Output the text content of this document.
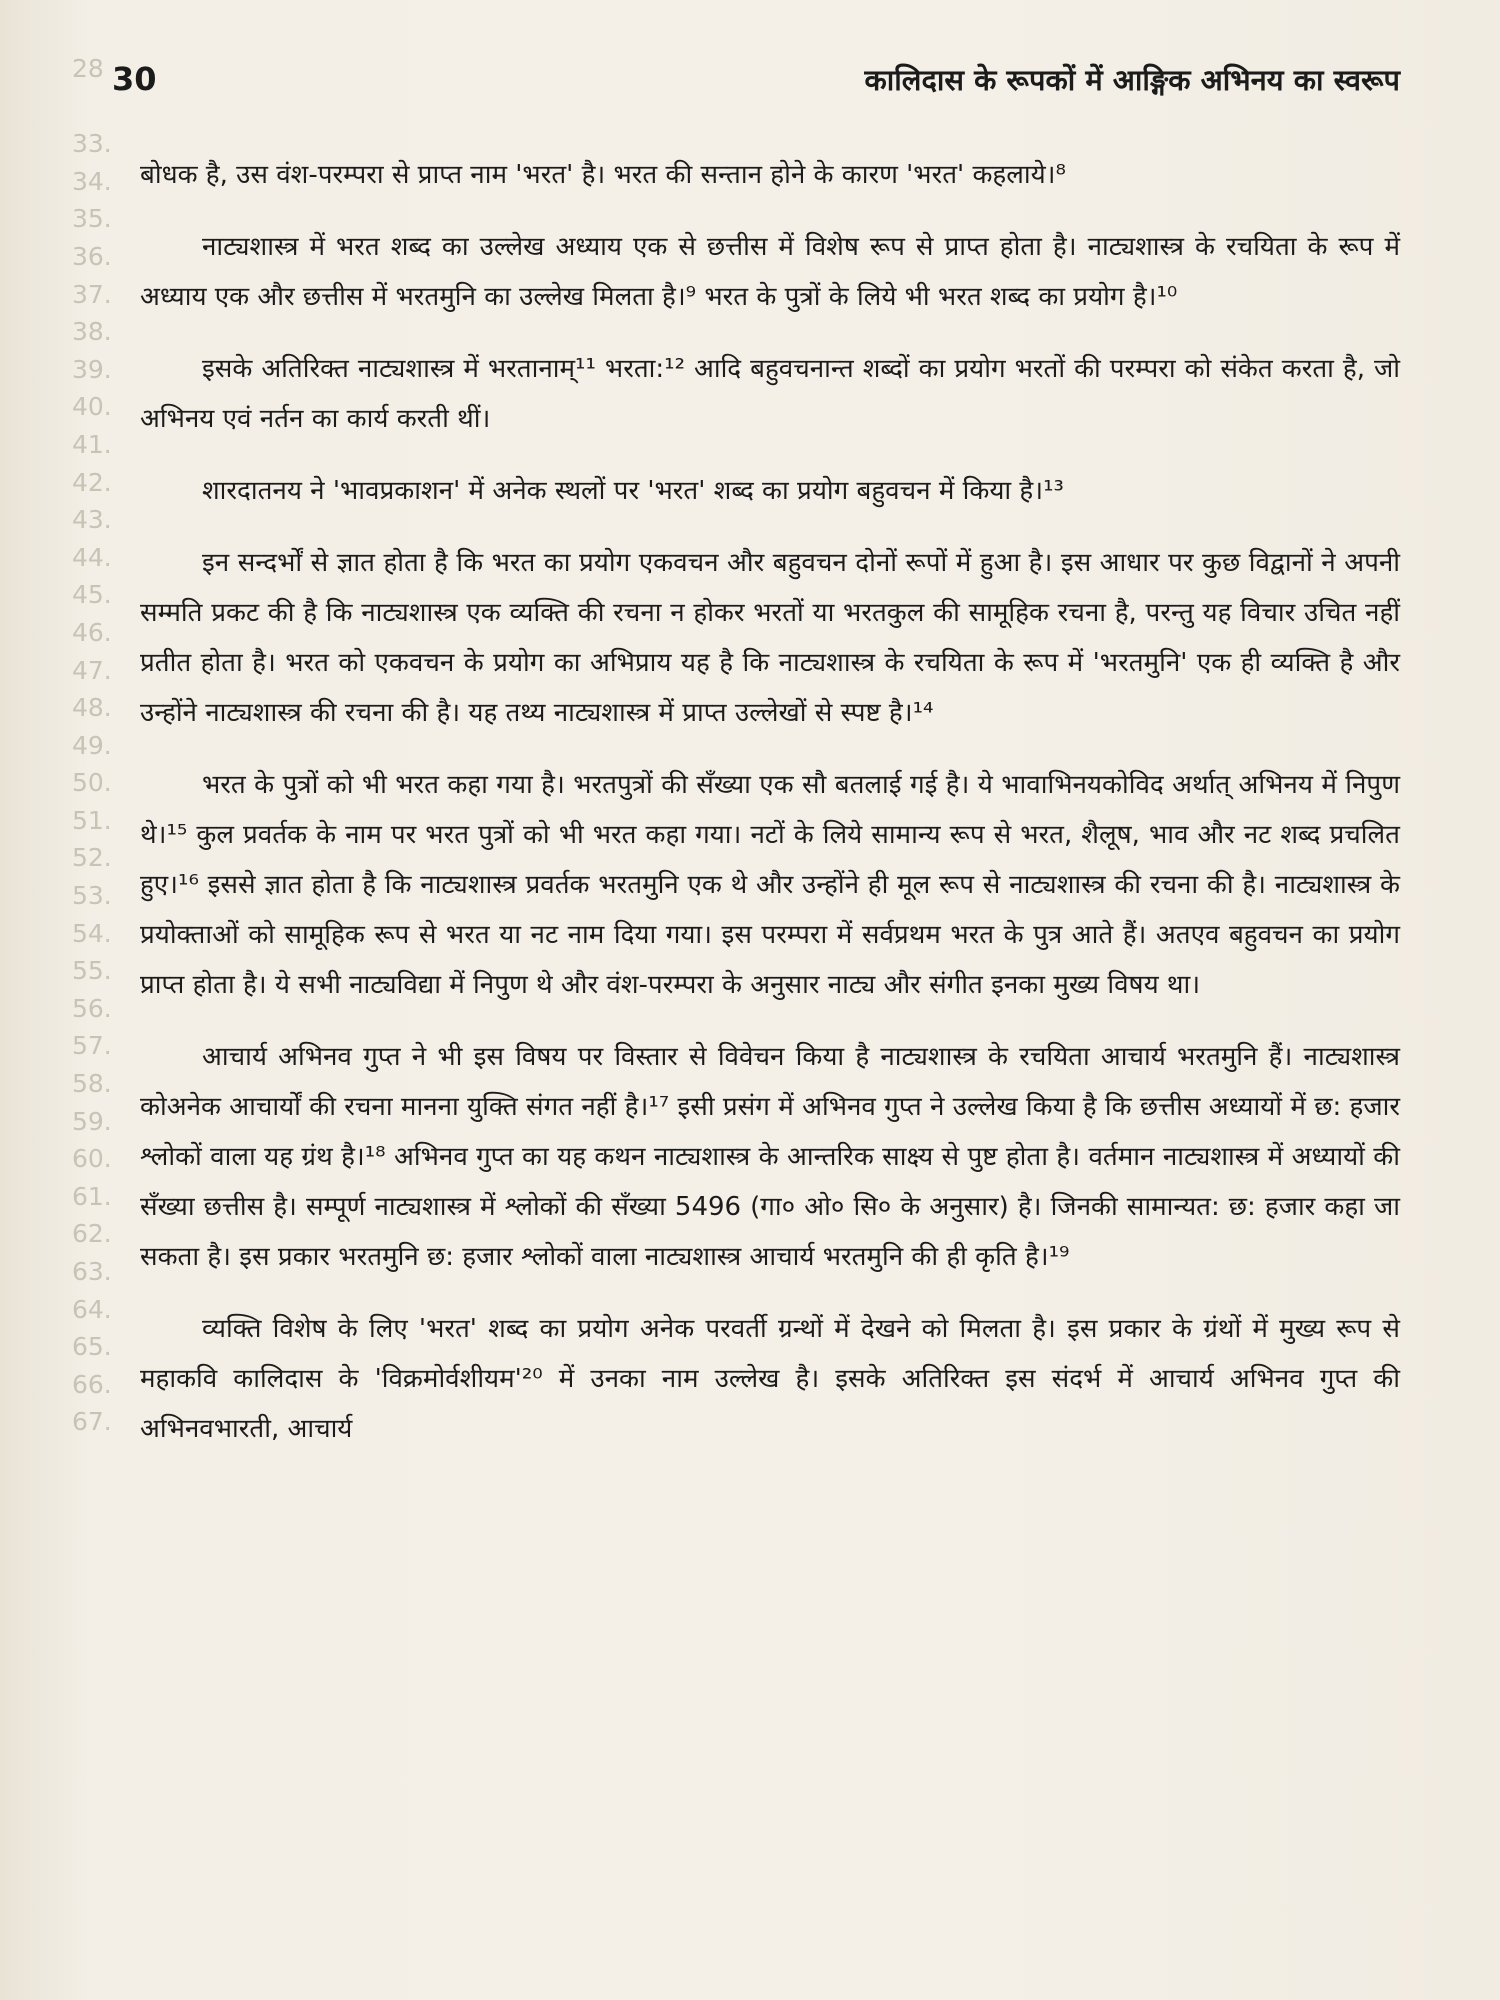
28
33.
34.
35.
36.
37.
38.
39.
40.
41.
42.
43.
44.
45.
46.
47.
48.
49.
50.
51.
52.
53.
54.
55.
56.
57.
58.
59.
60.
61.
62.
63.
64.
65.
66.
67.
30	कालिदास के रूपकों में आङ्गिक अभिनय का स्वरूप

बोधक है, उस वंश-परम्परा से प्राप्त नाम 'भरत' है। भरत की सन्तान होने के कारण 'भरत' कहलाये।⁸

नाट्यशास्त्र में भरत शब्द का उल्लेख अध्याय एक से छत्तीस में विशेष रूप से प्राप्त होता है। नाट्यशास्त्र के रचयिता के रूप में अध्याय एक और छत्तीस में भरतमुनि का उल्लेख मिलता है।⁹ भरत के पुत्रों के लिये भी भरत शब्द का प्रयोग है।¹⁰

इसके अतिरिक्त नाट्यशास्त्र में भरतानाम्¹¹ भरता:¹² आदि बहुवचनान्त शब्दों का प्रयोग भरतों की परम्परा को संकेत करता है, जो अभिनय एवं नर्तन का कार्य करती थीं।

शारदातनय ने 'भावप्रकाशन' में अनेक स्थलों पर 'भरत' शब्द का प्रयोग बहुवचन में किया है।¹³

इन सन्दर्भों से ज्ञात होता है कि भरत का प्रयोग एकवचन और बहुवचन दोनों रूपों में हुआ है। इस आधार पर कुछ विद्वानों ने अपनी सम्मति प्रकट की है कि नाट्यशास्त्र एक व्यक्ति की रचना न होकर भरतों या भरतकुल की सामूहिक रचना है, परन्तु यह विचार उचित नहीं प्रतीत होता है। भरत को एकवचन के प्रयोग का अभिप्राय यह है कि नाट्यशास्त्र के रचयिता के रूप में 'भरतमुनि' एक ही व्यक्ति है और उन्होंने नाट्यशास्त्र की रचना की है। यह तथ्य नाट्यशास्त्र में प्राप्त उल्लेखों से स्पष्ट है।¹⁴

भरत के पुत्रों को भी भरत कहा गया है। भरतपुत्रों की सँख्या एक सौ बतलाई गई है। ये भावाभिनयकोविद अर्थात् अभिनय में निपुण थे।¹⁵ कुल प्रवर्तक के नाम पर भरत पुत्रों को भी भरत कहा गया। नटों के लिये सामान्य रूप से भरत, शैलूष, भाव और नट शब्द प्रचलित हुए।¹⁶ इससे ज्ञात होता है कि नाट्यशास्त्र प्रवर्तक भरतमुनि एक थे और उन्होंने ही मूल रूप से नाट्यशास्त्र की रचना की है। नाट्यशास्त्र के प्रयोक्ताओं को सामूहिक रूप से भरत या नट नाम दिया गया। इस परम्परा में सर्वप्रथम भरत के पुत्र आते हैं। अतएव बहुवचन का प्रयोग प्राप्त होता है। ये सभी नाट्यविद्या में निपुण थे और वंश-परम्परा के अनुसार नाट्य और संगीत इनका मुख्य विषय था।

आचार्य अभिनव गुप्त ने भी इस विषय पर विस्तार से विवेचन किया है नाट्यशास्त्र के रचयिता आचार्य भरतमुनि हैं। नाट्यशास्त्र कोअनेक आचार्यों की रचना मानना युक्ति संगत नहीं है।¹⁷ इसी प्रसंग में अभिनव गुप्त ने उल्लेख किया है कि छत्तीस अध्यायों में छ: हजार श्लोकों वाला यह ग्रंथ है।¹⁸ अभिनव गुप्त का यह कथन नाट्यशास्त्र के आन्तरिक साक्ष्य से पुष्ट होता है। वर्तमान नाट्यशास्त्र में अध्यायों की सँख्या छत्तीस है। सम्पूर्ण नाट्यशास्त्र में श्लोकों की सँख्या 5496 (गा० ओ० सि० के अनुसार) है। जिनकी सामान्यत: छ: हजार कहा जा सकता है। इस प्रकार भरतमुनि छ: हजार श्लोकों वाला नाट्यशास्त्र आचार्य भरतमुनि की ही कृति है।¹⁹

व्यक्ति विशेष के लिए 'भरत' शब्द का प्रयोग अनेक परवर्ती ग्रन्थों में देखने को मिलता है। इस प्रकार के ग्रंथों में मुख्य रूप से महाकवि कालिदास के 'विक्रमोर्वशीयम'²⁰ में उनका नाम उल्लेख है। इसके अतिरिक्त इस संदर्भ में आचार्य अभिनव गुप्त की अभिनवभारती, आचार्य
